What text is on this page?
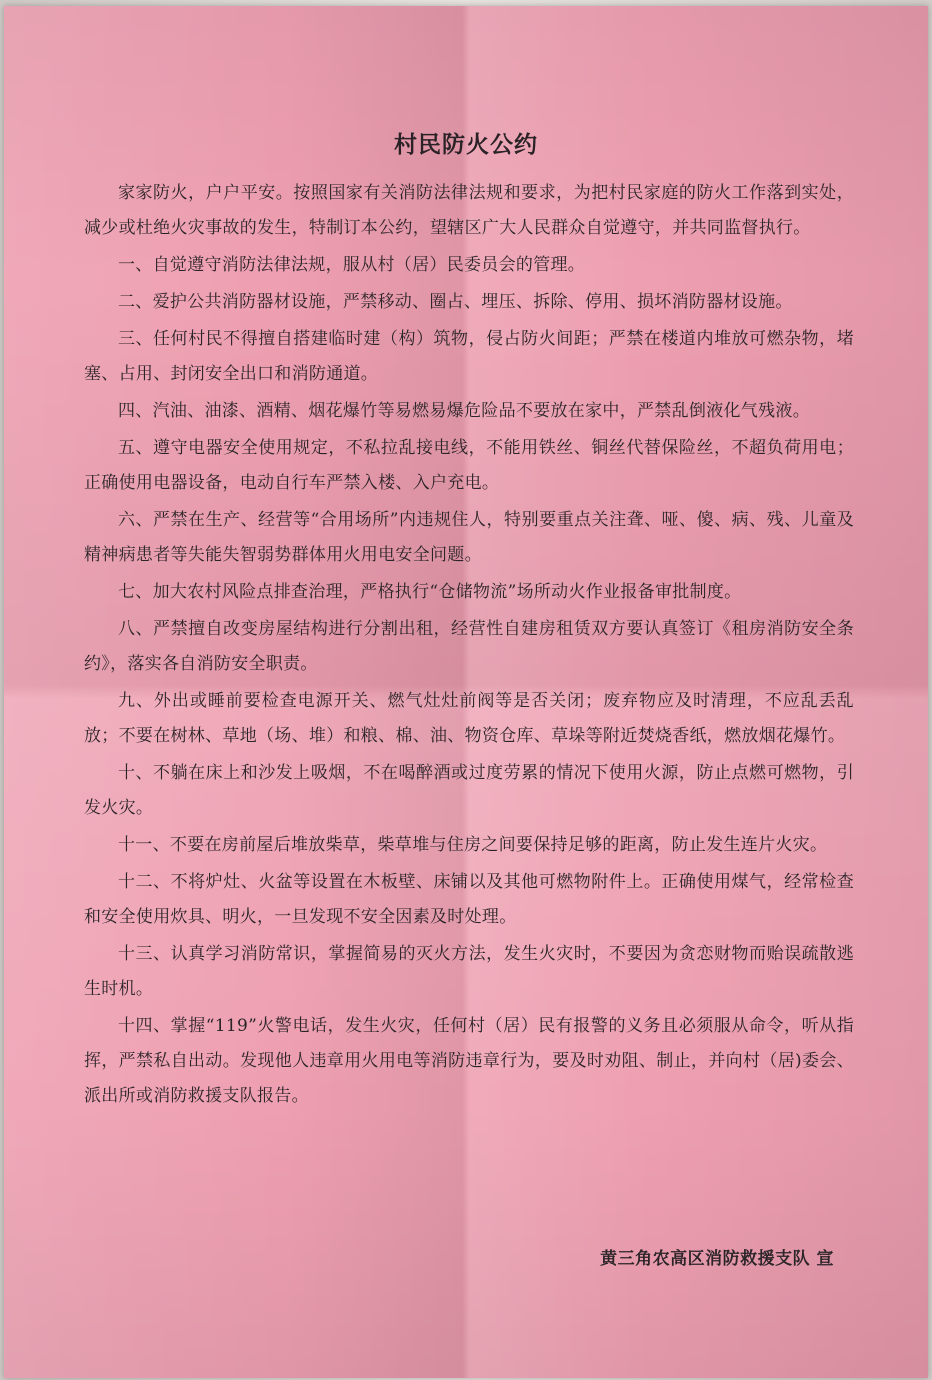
村民防火公约

家家防火，户户平安。按照国家有关消防法律法规和要求，为把村民家庭的防火工作落到实处，减少或杜绝火灾事故的发生，特制订本公约，望辖区广大人民群众自觉遵守，并共同监督执行。

一、自觉遵守消防法律法规，服从村（居）民委员会的管理。

二、爱护公共消防器材设施，严禁移动、圈占、埋压、拆除、停用、损坏消防器材设施。

三、任何村民不得擅自搭建临时建（构）筑物，侵占防火间距；严禁在楼道内堆放可燃杂物，堵塞、占用、封闭安全出口和消防通道。

四、汽油、油漆、酒精、烟花爆竹等易燃易爆危险品不要放在家中，严禁乱倒液化气残液。

五、遵守电器安全使用规定，不私拉乱接电线，不能用铁丝、铜丝代替保险丝，不超负荷用电；正确使用电器设备，电动自行车严禁入楼、入户充电。

六、严禁在生产、经营等“合用场所”内违规住人，特别要重点关注聋、哑、傻、病、残、儿童及精神病患者等失能失智弱势群体用火用电安全问题。

七、加大农村风险点排查治理，严格执行“仓储物流”场所动火作业报备审批制度。

八、严禁擅自改变房屋结构进行分割出租，经营性自建房租赁双方要认真签订《租房消防安全条约》，落实各自消防安全职责。

九、外出或睡前要检查电源开关、燃气灶灶前阀等是否关闭；废弃物应及时清理，不应乱丢乱放；不要在树林、草地（场、堆）和粮、棉、油、物资仓库、草垛等附近焚烧香纸，燃放烟花爆竹。

十、不躺在床上和沙发上吸烟，不在喝醉酒或过度劳累的情况下使用火源，防止点燃可燃物，引发火灾。

十一、不要在房前屋后堆放柴草，柴草堆与住房之间要保持足够的距离，防止发生连片火灾。

十二、不将炉灶、火盆等设置在木板壁、床铺以及其他可燃物附件上。正确使用煤气，经常检查和安全使用炊具、明火，一旦发现不安全因素及时处理。

十三、认真学习消防常识，掌握简易的灭火方法，发生火灾时，不要因为贪恋财物而贻误疏散逃生时机。

十四、掌握“119”火警电话，发生火灾，任何村（居）民有报警的义务且必须服从命令，听从指挥，严禁私自出动。发现他人违章用火用电等消防违章行为，要及时劝阻、制止，并向村（居)委会、派出所或消防救援支队报告。

黄三角农高区消防救援支队 宣
